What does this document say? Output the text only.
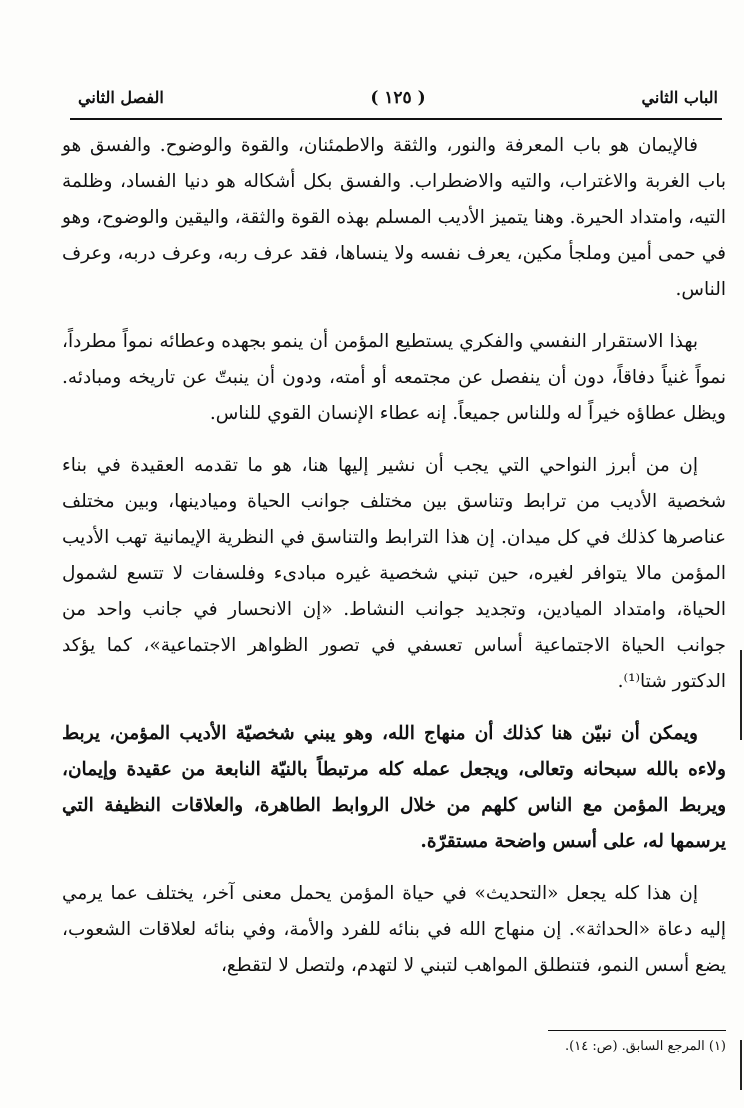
الباب الثاني
( ١٢٥ )
الفصل الثاني

فالإيمان هو باب المعرفة والنور، والثقة والاطمئنان، والقوة والوضوح. والفسق هو باب الغربة والاغتراب، والتيه والاضطراب. والفسق بكل أشكاله هو دنيا الفساد، وظلمة التيه، وامتداد الحيرة. وهنا يتميز الأديب المسلم بهذه القوة والثقة، واليقين والوضوح، وهو في حمى أمين وملجأ مكين، يعرف نفسه ولا ينساها، فقد عرف ربه، وعرف دربه، وعرف الناس.

بهذا الاستقرار النفسي والفكري يستطيع المؤمن أن ينمو بجهده وعطائه نمواً مطرداً، نمواً غنياً دفاقاً، دون أن ينفصل عن مجتمعه أو أمته، ودون أن ينبتّ عن تاريخه ومبادئه. ويظل عطاؤه خيراً له وللناس جميعاً. إنه عطاء الإنسان القوي للناس.

إن من أبرز النواحي التي يجب أن نشير إليها هنا، هو ما تقدمه العقيدة في بناء شخصية الأديب من ترابط وتناسق بين مختلف جوانب الحياة وميادينها، وبين مختلف عناصرها كذلك في كل ميدان. إن هذا الترابط والتناسق في النظرية الإيمانية تهب الأديب المؤمن مالا يتوافر لغيره، حين تبني شخصية غيره مبادىء وفلسفات لا تتسع لشمول الحياة، وامتداد الميادين، وتجديد جوانب النشاط. «إن الانحسار في جانب واحد من جوانب الحياة الاجتماعية أساس تعسفي في تصور الظواهر الاجتماعية»، كما يؤكد الدكتور شتا⁽¹⁾.

ويمكن أن نبيّن هنا كذلك أن منهاج الله، وهو يبني شخصيّة الأديب المؤمن، يربط ولاءه بالله سبحانه وتعالى، ويجعل عمله كله مرتبطاً بالنيّة النابعة من عقيدة وإيمان، ويربط المؤمن مع الناس كلهم من خلال الروابط الطاهرة، والعلاقات النظيفة التي يرسمها له، على أسس واضحة مستقرّة.

إن هذا كله يجعل «التحديث» في حياة المؤمن يحمل معنى آخر، يختلف عما يرمي إليه دعاة «الحداثة». إن منهاج الله في بنائه للفرد والأمة، وفي بنائه لعلاقات الشعوب، يضع أسس النمو، فتنطلق المواهب لتبني لا لتهدم، ولتصل لا لتقطع،

(١) المرجع السابق. (ص: ١٤).
